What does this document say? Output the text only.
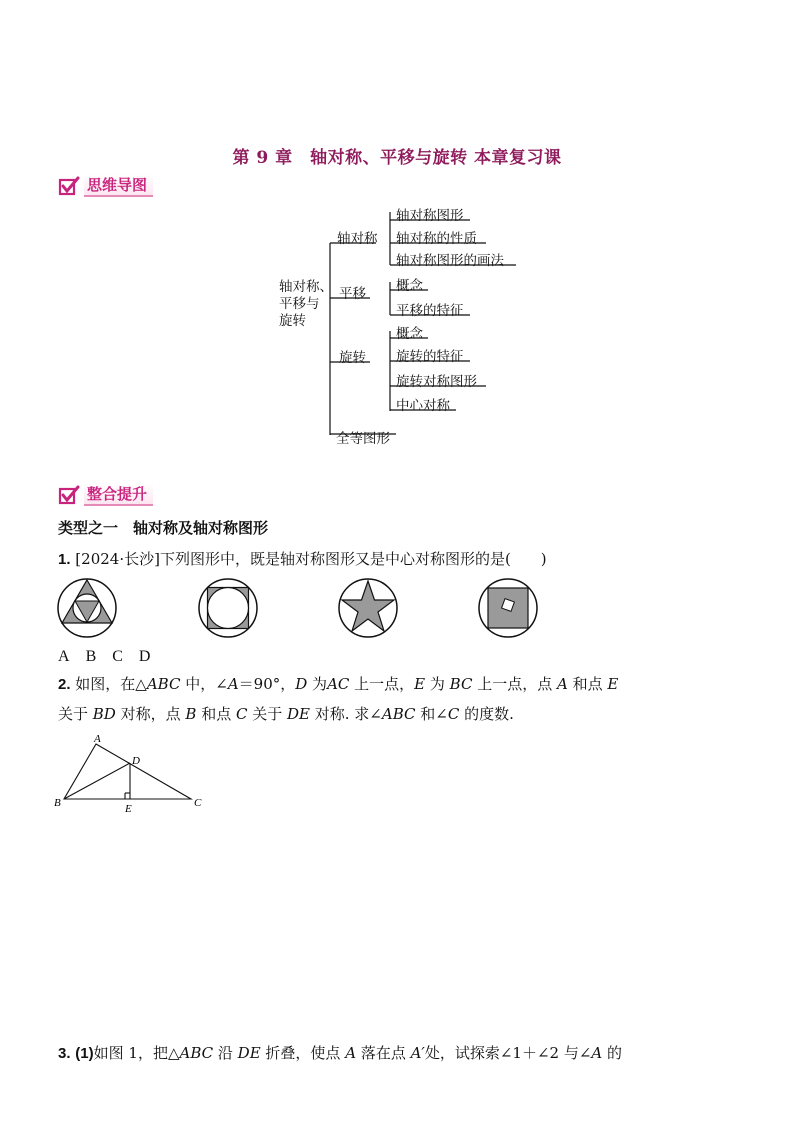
第 9 章　轴对称、平移与旋转 本章复习课
思维导图
轴对称、
平移与
旋转
轴对称
平移
旋转
全等图形
轴对称图形
轴对称的性质
轴对称图形的画法
概念
平移的特征
概念
旋转的特征
旋转对称图形
中心对称
整合提升
类型之一　轴对称及轴对称图形
1. [2024·长沙]下列图形中，既是轴对称图形又是中心对称图形的是(　　)
A B C D
2. 如图，在△ABC 中，∠A＝90°，D 为AC 上一点，E 为 BC 上一点，点 A 和点 E
关于 BD 对称，点 B 和点 C 关于 DE 对称. 求∠ABC 和∠C 的度数.
A
B	C
D
E
3. (1)如图 1，把△ABC 沿 DE 折叠，使点 A 落在点 A′处，试探索∠1＋∠2 与∠A 的
